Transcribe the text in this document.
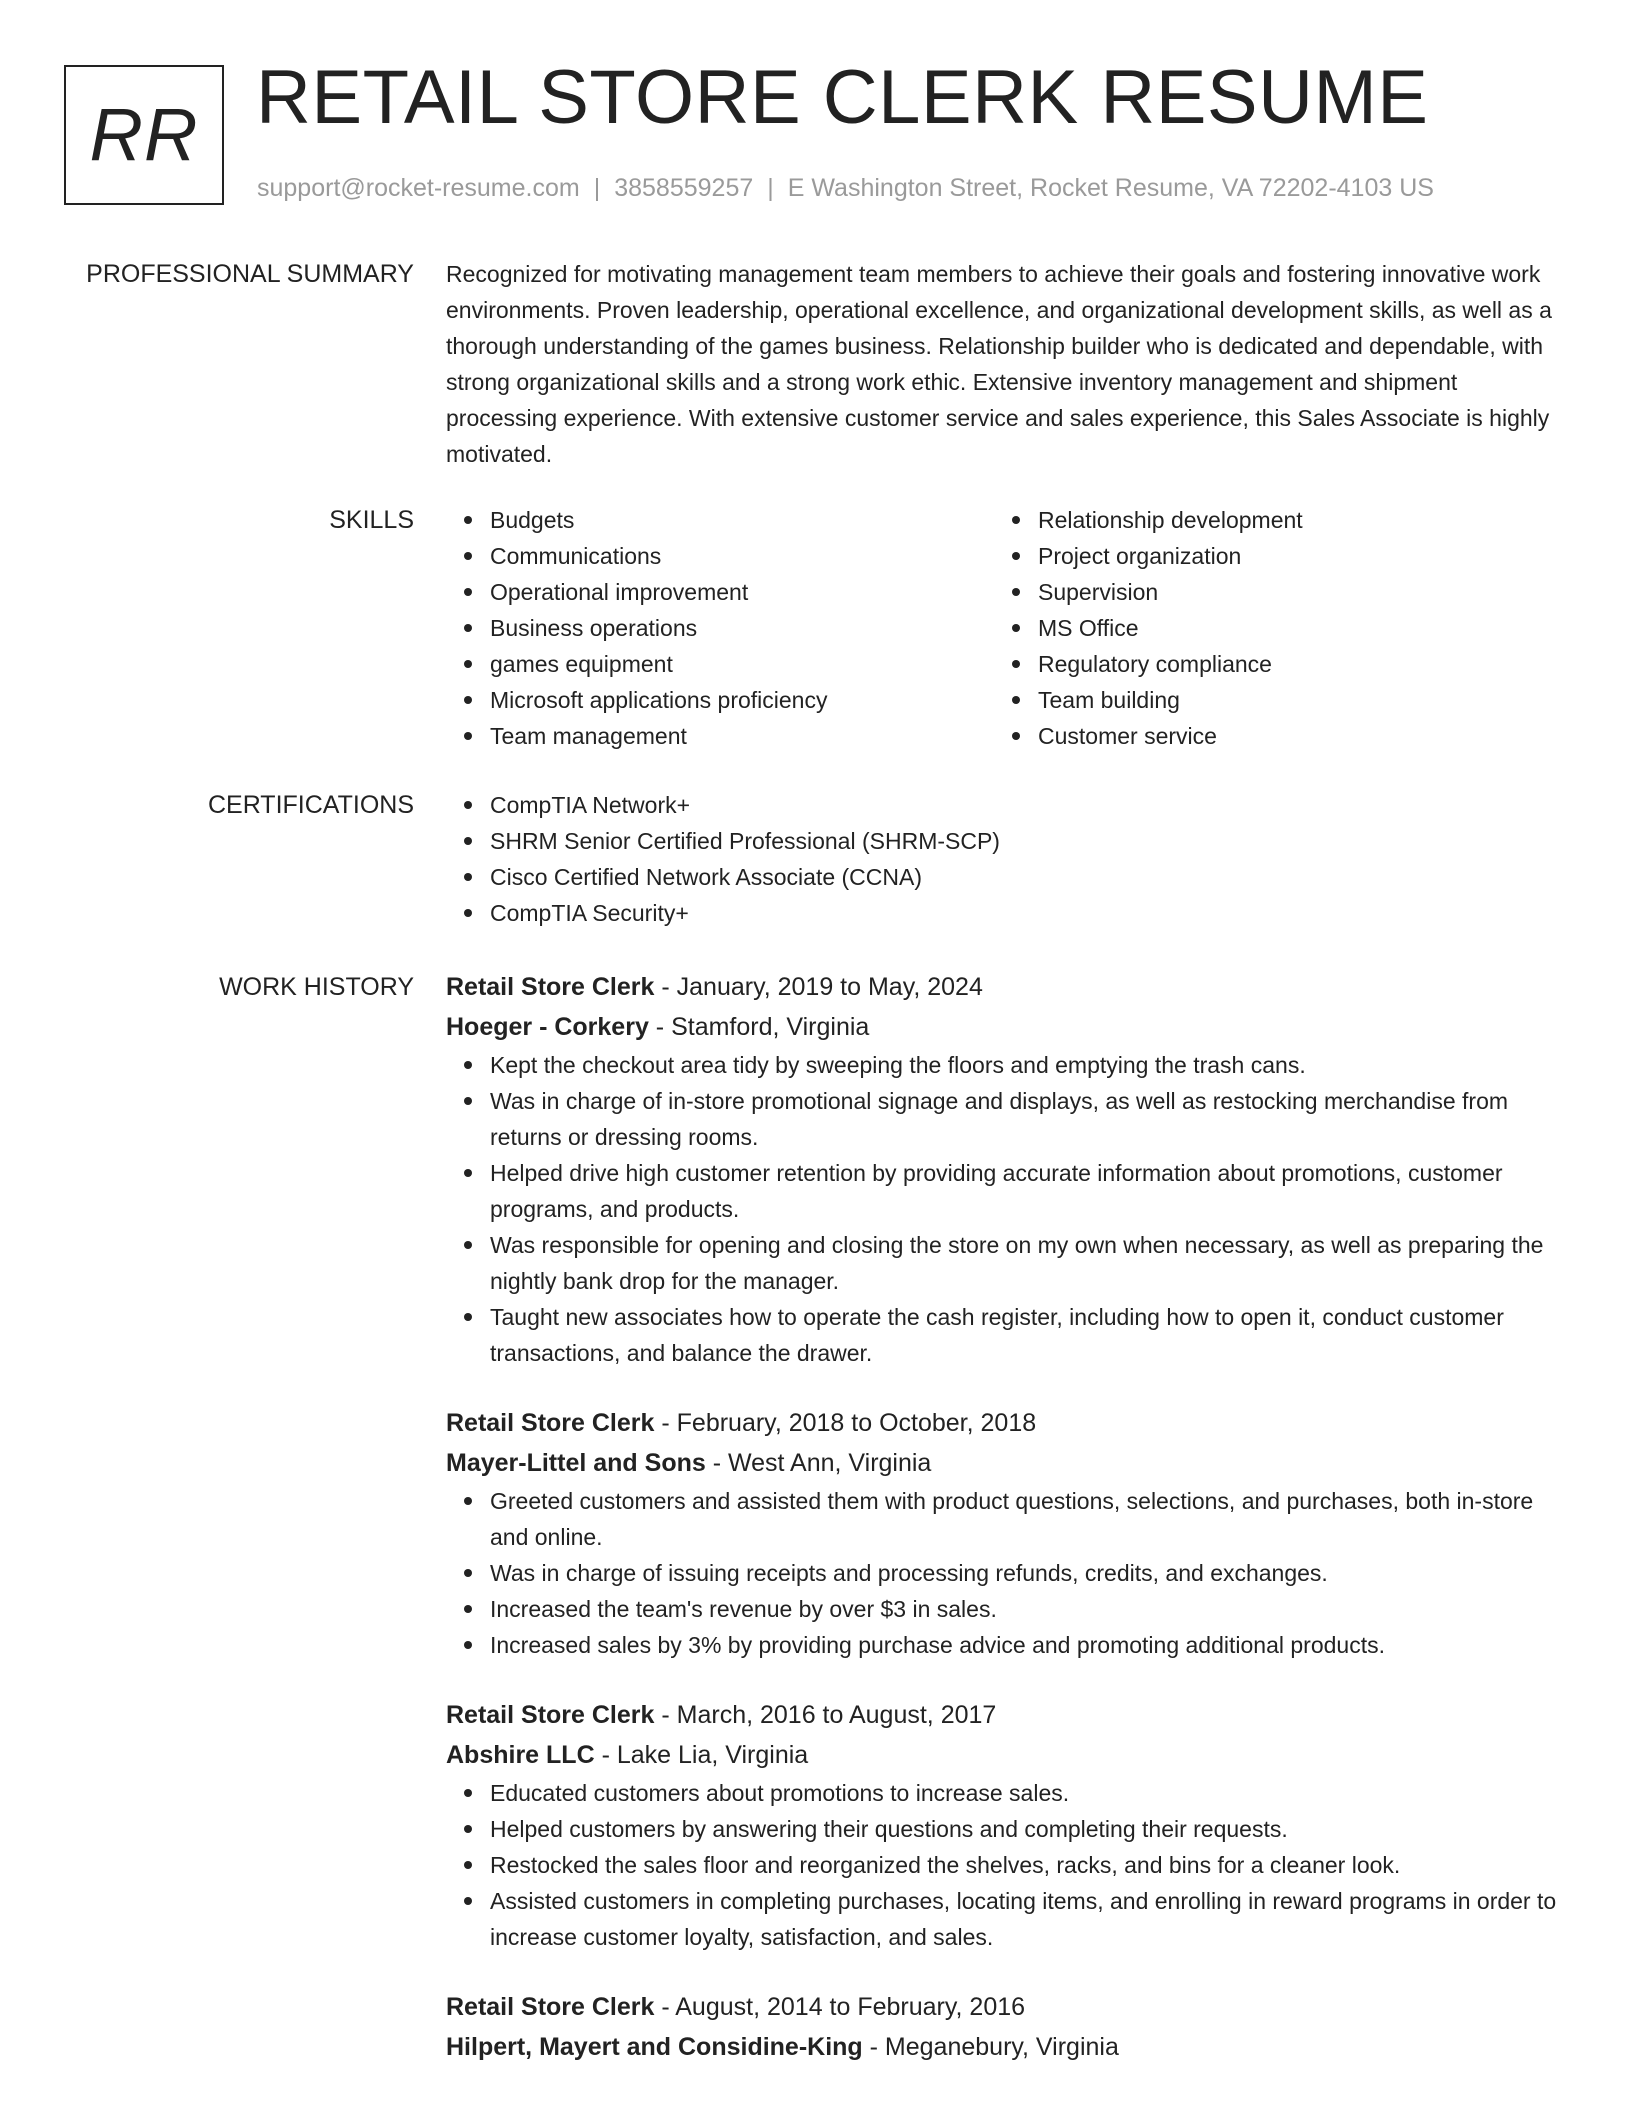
RR RETAIL STORE CLERK RESUME
support@rocket-resume.com | 3858559257 | E Washington Street, Rocket Resume, VA 72202-4103 US
PROFESSIONAL SUMMARY Recognized for motivating management team members to achieve their goals and fostering innovative work environments. Proven leadership, operational excellence, and organizational development skills, as well as a thorough understanding of the games business. Relationship builder who is dedicated and dependable, with strong organizational skills and a strong work ethic. Extensive inventory management and shipment processing experience. With extensive customer service and sales experience, this Sales Associate is highly motivated.

SKILLS	Budgets
Communications
Operational improvement
Business operations
games equipment
Microsoft applications proficiency
Team management
Relationship development
Project organization
Supervision
MS Office
Regulatory compliance
Team building
Customer service
CERTIFICATIONS	CompTIA Network+
SHRM Senior Certified Professional (SHRM-SCP)
Cisco Certified Network Associate (CCNA)
CompTIA Security+
WORK HISTORY Retail Store Clerk - January, 2019 to May, 2024
Hoeger - Corkery - Stamford, Virginia
Kept the checkout area tidy by sweeping the floors and emptying the trash cans.
Was in charge of in-store promotional signage and displays, as well as restocking merchandise from returns or dressing rooms.
Helped drive high customer retention by providing accurate information about promotions, customer programs, and products.
Was responsible for opening and closing the store on my own when necessary, as well as preparing the nightly bank drop for the manager.
Taught new associates how to operate the cash register, including how to open it, conduct customer transactions, and balance the drawer.
Retail Store Clerk - February, 2018 to October, 2018
Mayer-Littel and Sons - West Ann, Virginia
Greeted customers and assisted them with product questions, selections, and purchases, both in-store and online.
Was in charge of issuing receipts and processing refunds, credits, and exchanges.
Increased the team's revenue by over $3 in sales.
Increased sales by 3% by providing purchase advice and promoting additional products.
Retail Store Clerk - March, 2016 to August, 2017
Abshire LLC - Lake Lia, Virginia
Educated customers about promotions to increase sales.
Helped customers by answering their questions and completing their requests.
Restocked the sales floor and reorganized the shelves, racks, and bins for a cleaner look.
Assisted customers in completing purchases, locating items, and enrolling in reward programs in order to increase customer loyalty, satisfaction, and sales.
Retail Store Clerk - August, 2014 to February, 2016
Hilpert, Mayert and Considine-King - Meganebury, Virginia
